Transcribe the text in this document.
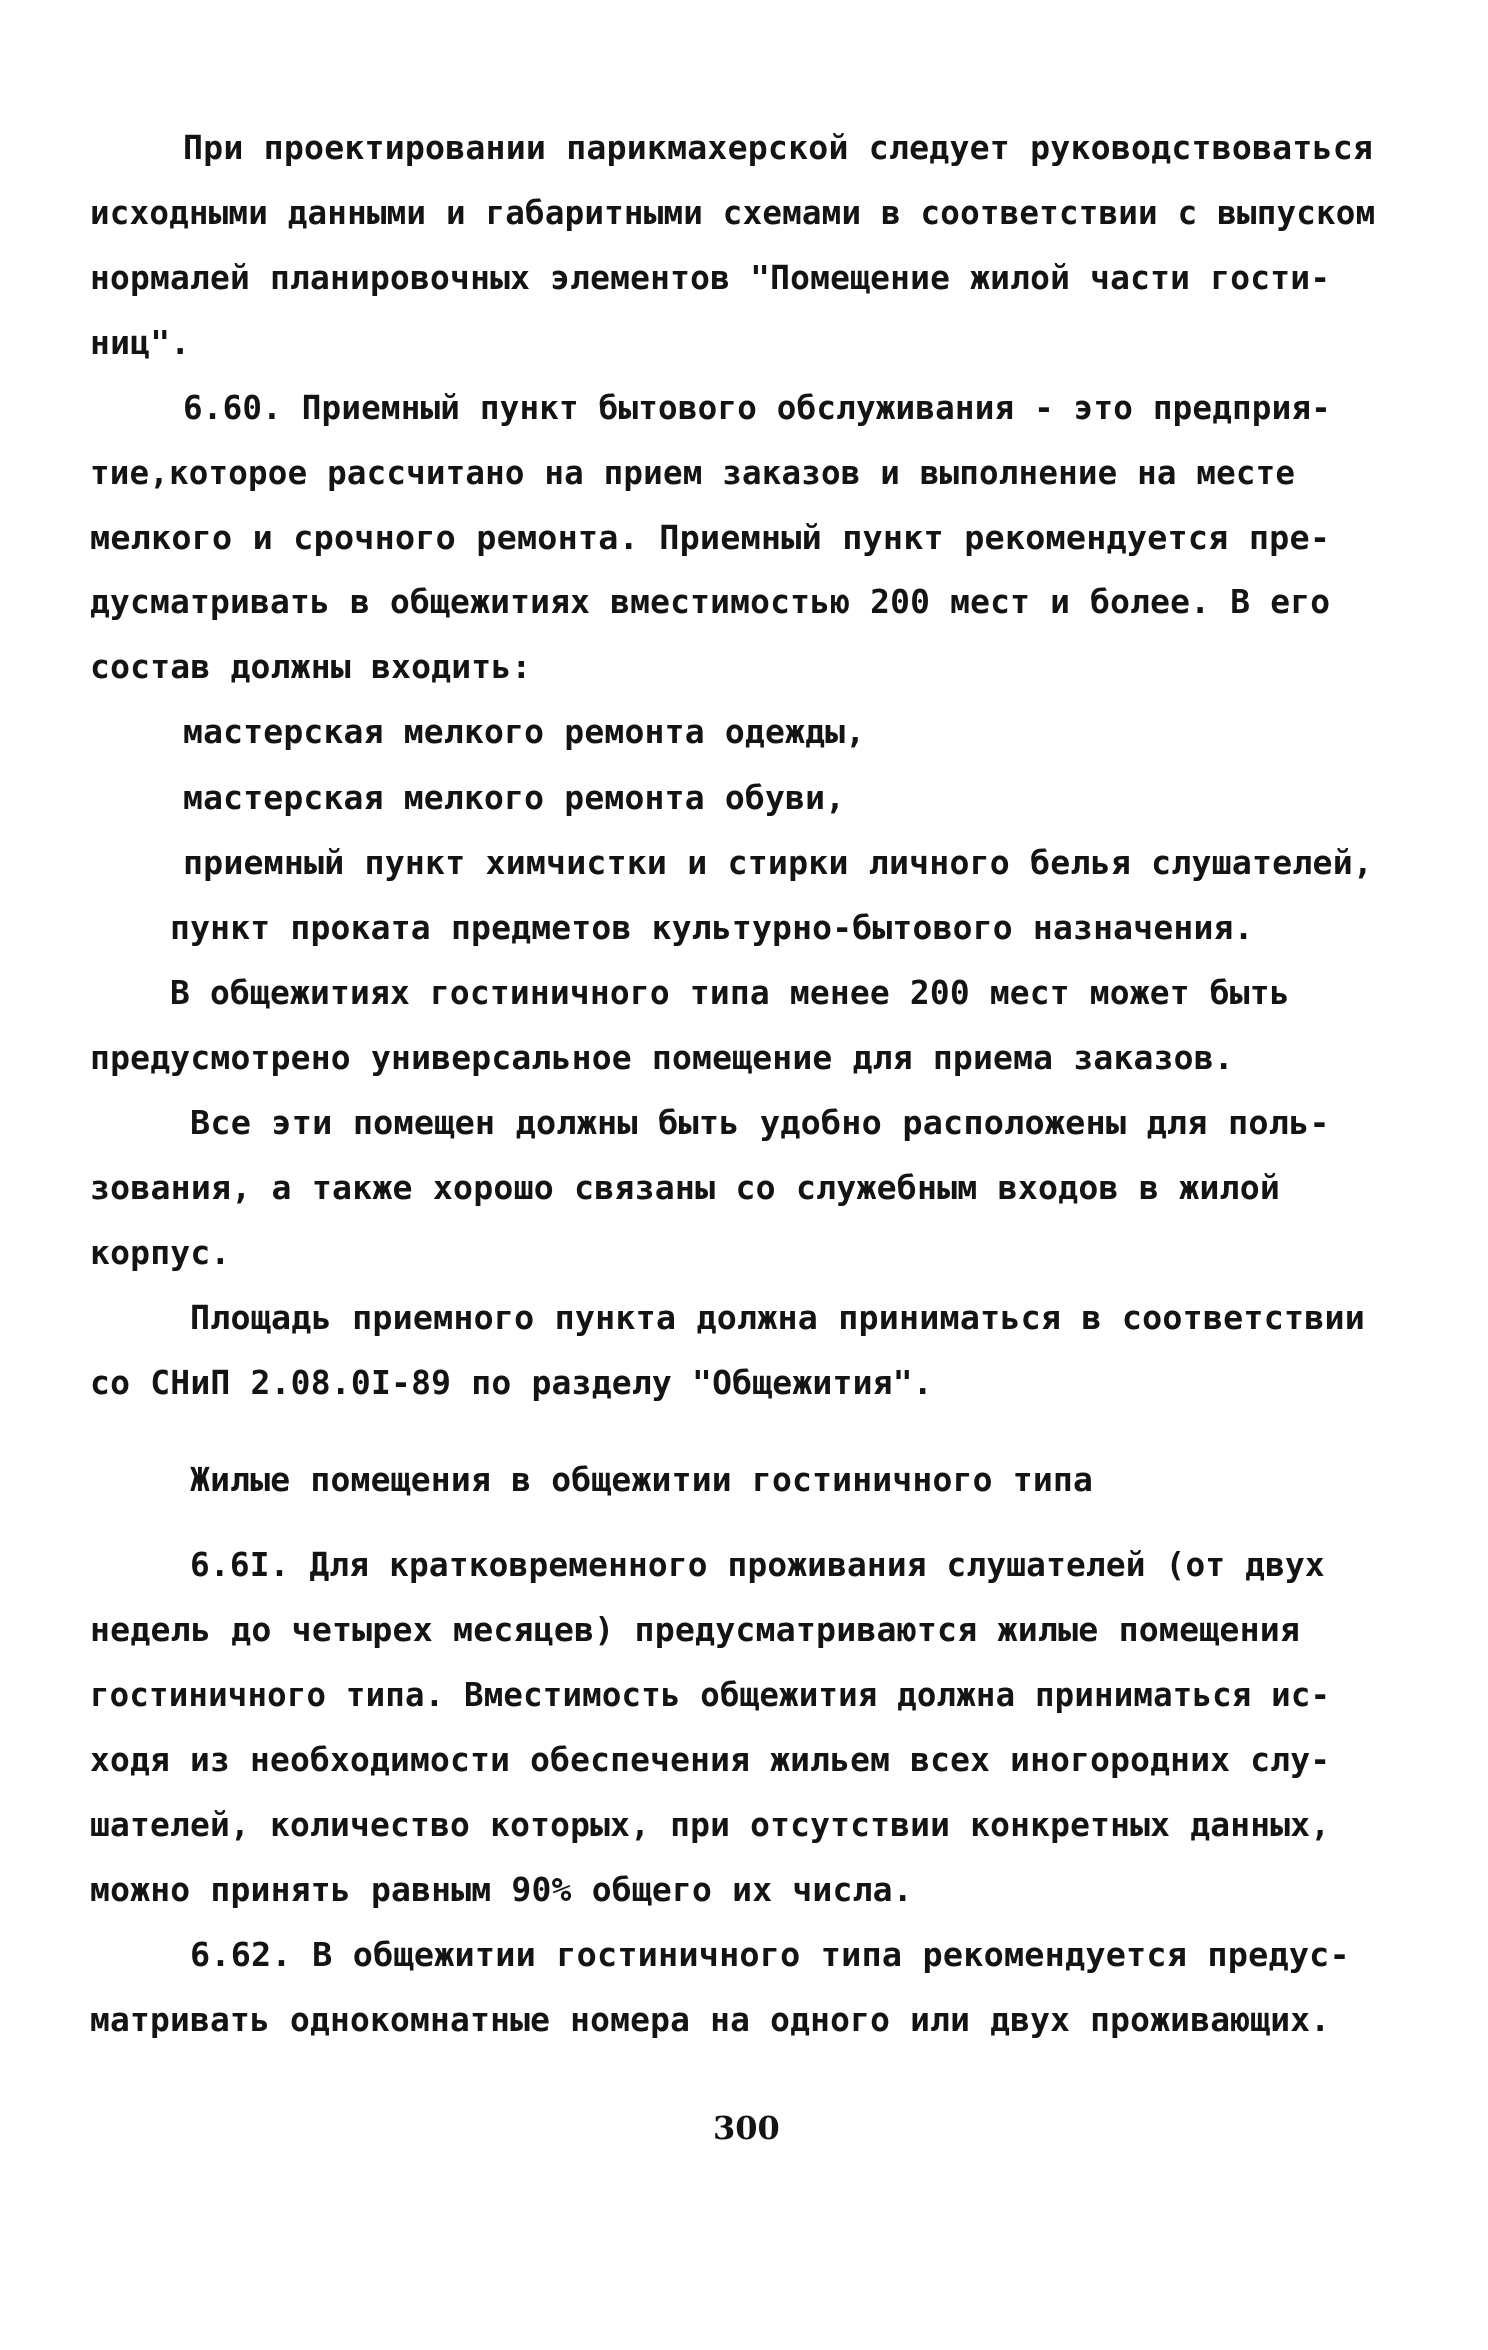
При проектировании парикмахерской следует руководствоваться
исходными данными и габаритными схемами в соответствии с выпуском
нормалей планировочных элементов "Помещение жилой части гости-
ниц".
6.60. Приемный пункт бытового обслуживания - это предприя-
тие,которое рассчитано на прием заказов и выполнение на месте
мелкого и срочного ремонта. Приемный пункт рекомендуется пре-
дусматривать в общежитиях вместимостью 200 мест и более. В его
состав должны входить:
мастерская мелкого ремонта одежды,
мастерская мелкого ремонта обуви,
приемный пункт химчистки и стирки личного белья слушателей,
пункт проката предметов культурно-бытового назначения.
В общежитиях гостиничного типа менее 200 мест может быть
предусмотрено универсальное помещение для приема заказов.
Все эти помещен должны быть удобно расположены для поль-
зования, а также хорошо связаны со служебным входов в жилой
корпус.
Площадь приемного пункта должна приниматься в соответствии
со СНиП 2.08.0I-89 по разделу "Общежития".
Жилые помещения в общежитии гостиничного типа
6.6I. Для кратковременного проживания слушателей (от двух
недель до четырех месяцев) предусматриваются жилые помещения
гостиничного типа. Вместимость общежития должна приниматься ис-
ходя из необходимости обеспечения жильем всех иногородних слу-
шателей, количество которых, при отсутствии конкретных данных,
можно принять равным 90% общего их числа.
6.62. В общежитии гостиничного типа рекомендуется предус-
матривать однокомнатные номера на одного или двух проживающих.
300
